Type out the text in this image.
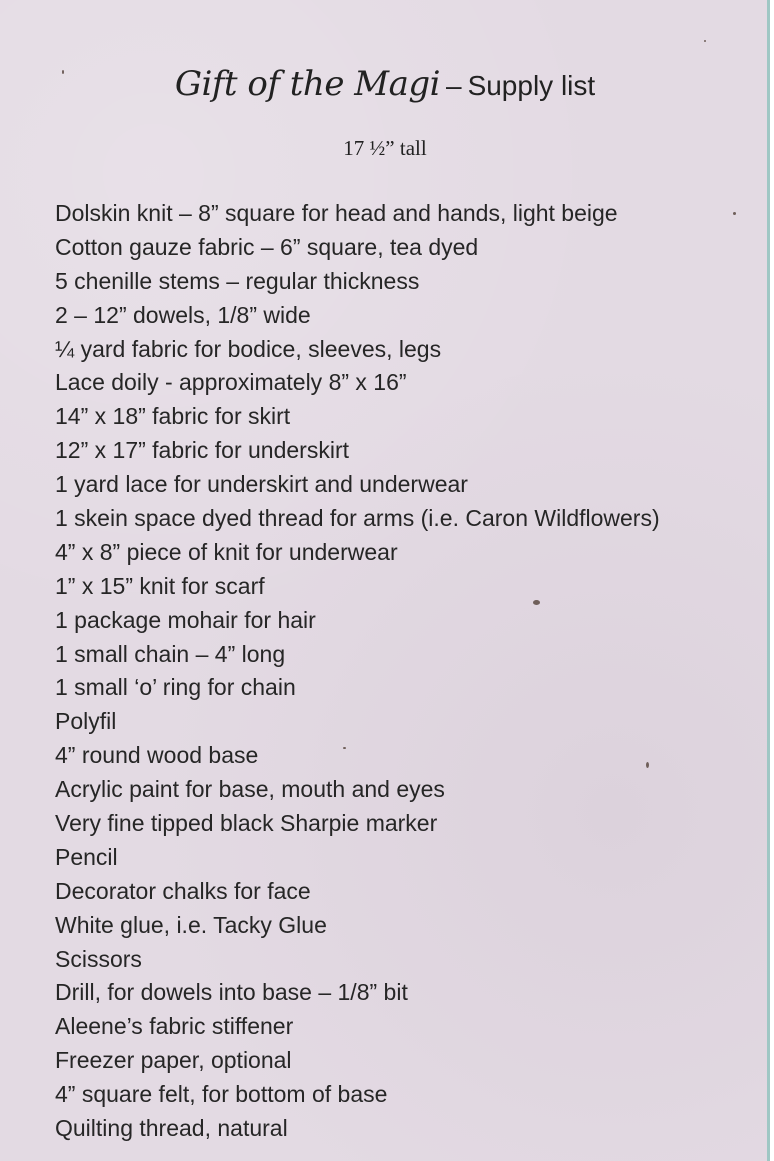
Gift of the Magi – Supply list
17 ½” tall
Dolskin knit – 8” square for head and hands, light beige
Cotton gauze fabric – 6” square, tea dyed
5 chenille stems – regular thickness
2 – 12” dowels, 1/8” wide
¼ yard fabric for bodice, sleeves, legs
Lace doily - approximately 8” x 16”
14” x 18” fabric for skirt
12” x 17” fabric for underskirt
1 yard lace for underskirt and underwear
1 skein space dyed thread for arms (i.e. Caron Wildflowers)
4” x 8” piece of knit for underwear
1” x 15” knit for scarf
1 package mohair for hair
1 small chain – 4” long
1 small ‘o’ ring for chain
Polyfil
4” round wood base
Acrylic paint for base, mouth and eyes
Very fine tipped black Sharpie marker
Pencil
Decorator chalks for face
White glue, i.e. Tacky Glue
Scissors
Drill, for dowels into base – 1/8” bit
Aleene’s fabric stiffener
Freezer paper, optional
4” square felt, for bottom of base
Quilting thread, natural
